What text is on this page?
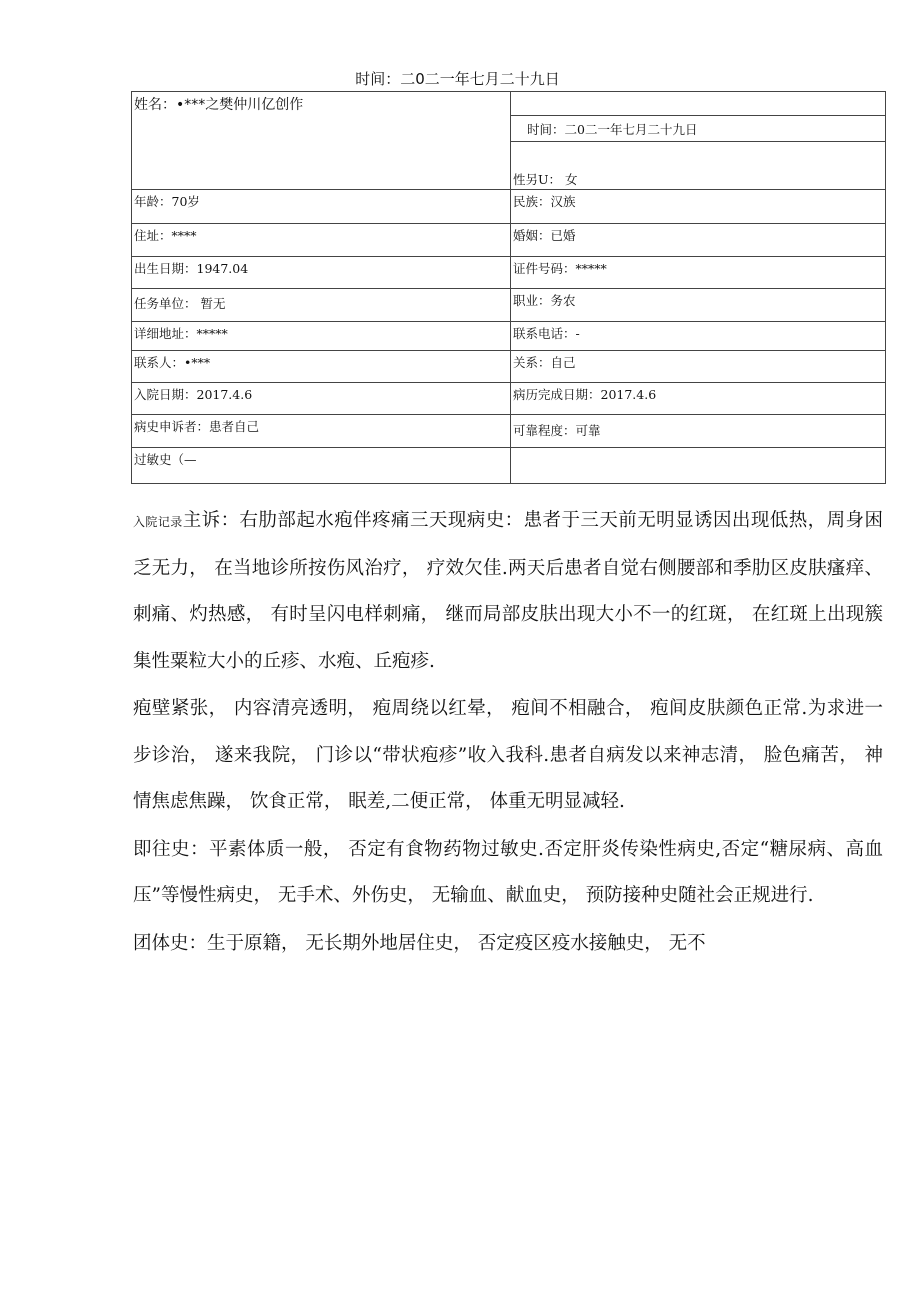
时间：二0二一年七月二十九日
姓名：•***之樊仲川亿创作	
	时间：二0二一年七月二十九日
	性另U： 女
年龄：70岁	民族：汉族
住址：****	婚姻：已婚
出生日期：1947.04	证件号码：*****
任务单位： 暂无	职业：务农
详细地址：*****	联系电话：-
联系人：•***	关系：自己
入院日期：2017.4.6	病历完成日期：2017.4.6
病史申诉者：患者自己	可靠程度：可靠
过敏史（—	

入院记录主诉：右肋部起水疱伴疼痛三天现病史：患者于三天前无明显诱因出现低热，周身困乏无力， 在当地诊所按伤风治疗， 疗效欠佳.两天后患者自觉右侧腰部和季肋区皮肤瘙痒、刺痛、灼热感， 有时呈闪电样刺痛， 继而局部皮肤出现大小不一的红斑， 在红斑上出现簇集性粟粒大小的丘疹、水疱、丘疱疹.

疱壁紧张， 内容清亮透明， 疱周绕以红晕， 疱间不相融合， 疱间皮肤颜色正常.为求进一步诊治， 遂来我院， 门诊以“带状疱疹”收入我科.患者自病发以来神志清， 脸色痛苦， 神情焦虑焦躁， 饮食正常， 眠差,二便正常， 体重无明显减轻.

即往史：平素体质一般， 否定有食物药物过敏史.否定肝炎传染性病史,否定“糖尿病、高血压”等慢性病史， 无手术、外伤史， 无输血、献血史， 预防接种史随社会正规进行.

团体史：生于原籍， 无长期外地居住史， 否定疫区疫水接触史， 无不
